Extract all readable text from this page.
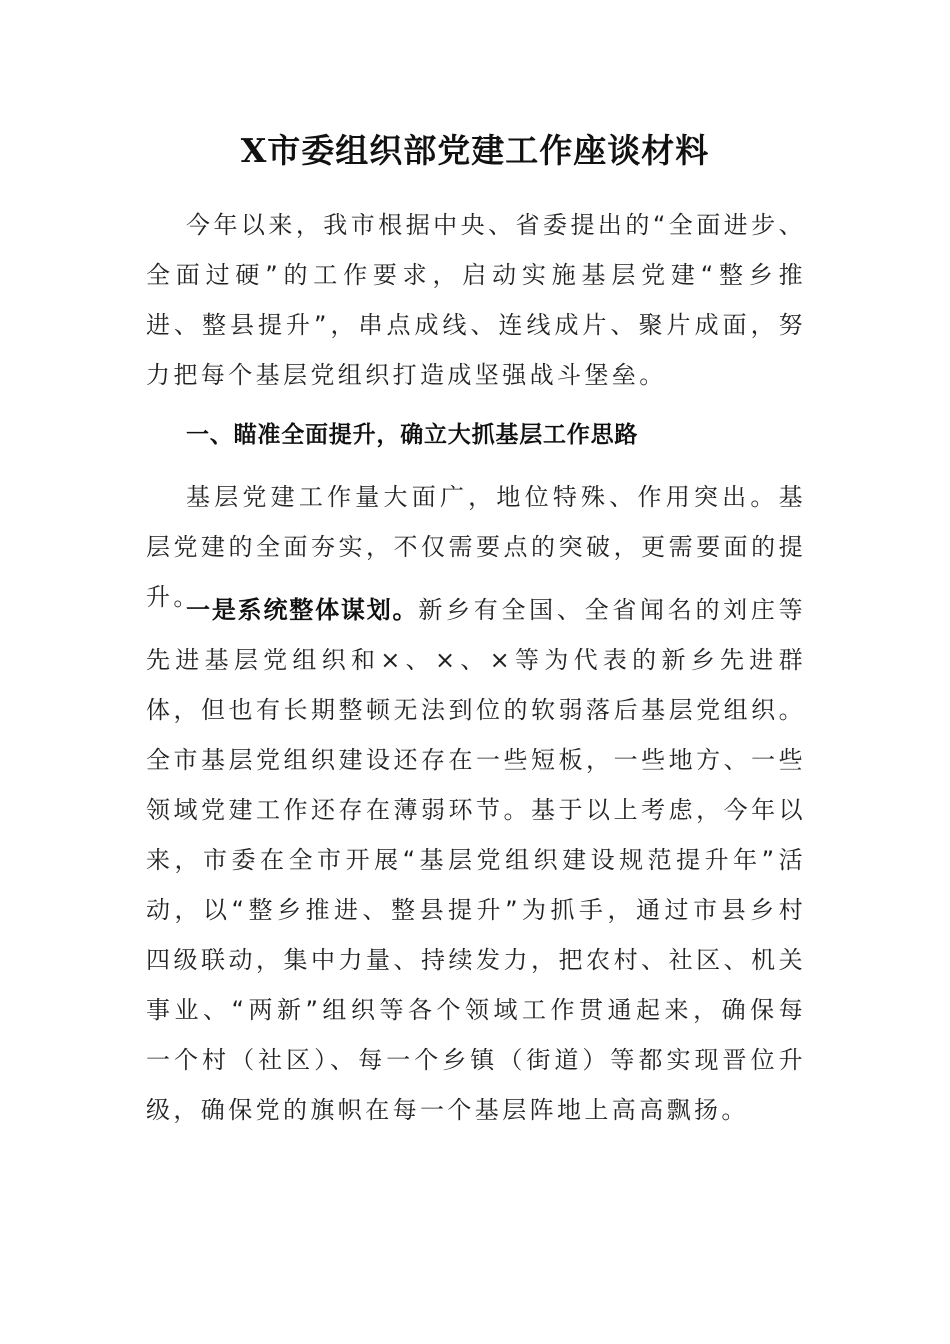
X市委组织部党建工作座谈材料

今年以来，我市根据中央、省委提出的“全面进步、全面过硬”的工作要求，启动实施基层党建“整乡推进、整县提升”，串点成线、连线成片、聚片成面，努力把每个基层党组织打造成坚强战斗堡垒。

一、瞄准全面提升，确立大抓基层工作思路

基层党建工作量大面广，地位特殊、作用突出。基层党建的全面夯实，不仅需要点的突破，更需要面的提升。

一是系统整体谋划。新乡有全国、全省闻名的刘庄等先进基层党组织和×、×、×等为代表的新乡先进群体，但也有长期整顿无法到位的软弱落后基层党组织。全市基层党组织建设还存在一些短板，一些地方、一些领域党建工作还存在薄弱环节。基于以上考虑，今年以来，市委在全市开展“基层党组织建设规范提升年”活动，以“整乡推进、整县提升”为抓手，通过市县乡村四级联动，集中力量、持续发力，把农村、社区、机关事业、“两新”组织等各个领域工作贯通起来，确保每一个村（社区）、每一个乡镇（街道）等都实现晋位升级，确保党的旗帜在每一个基层阵地上高高飘扬。
